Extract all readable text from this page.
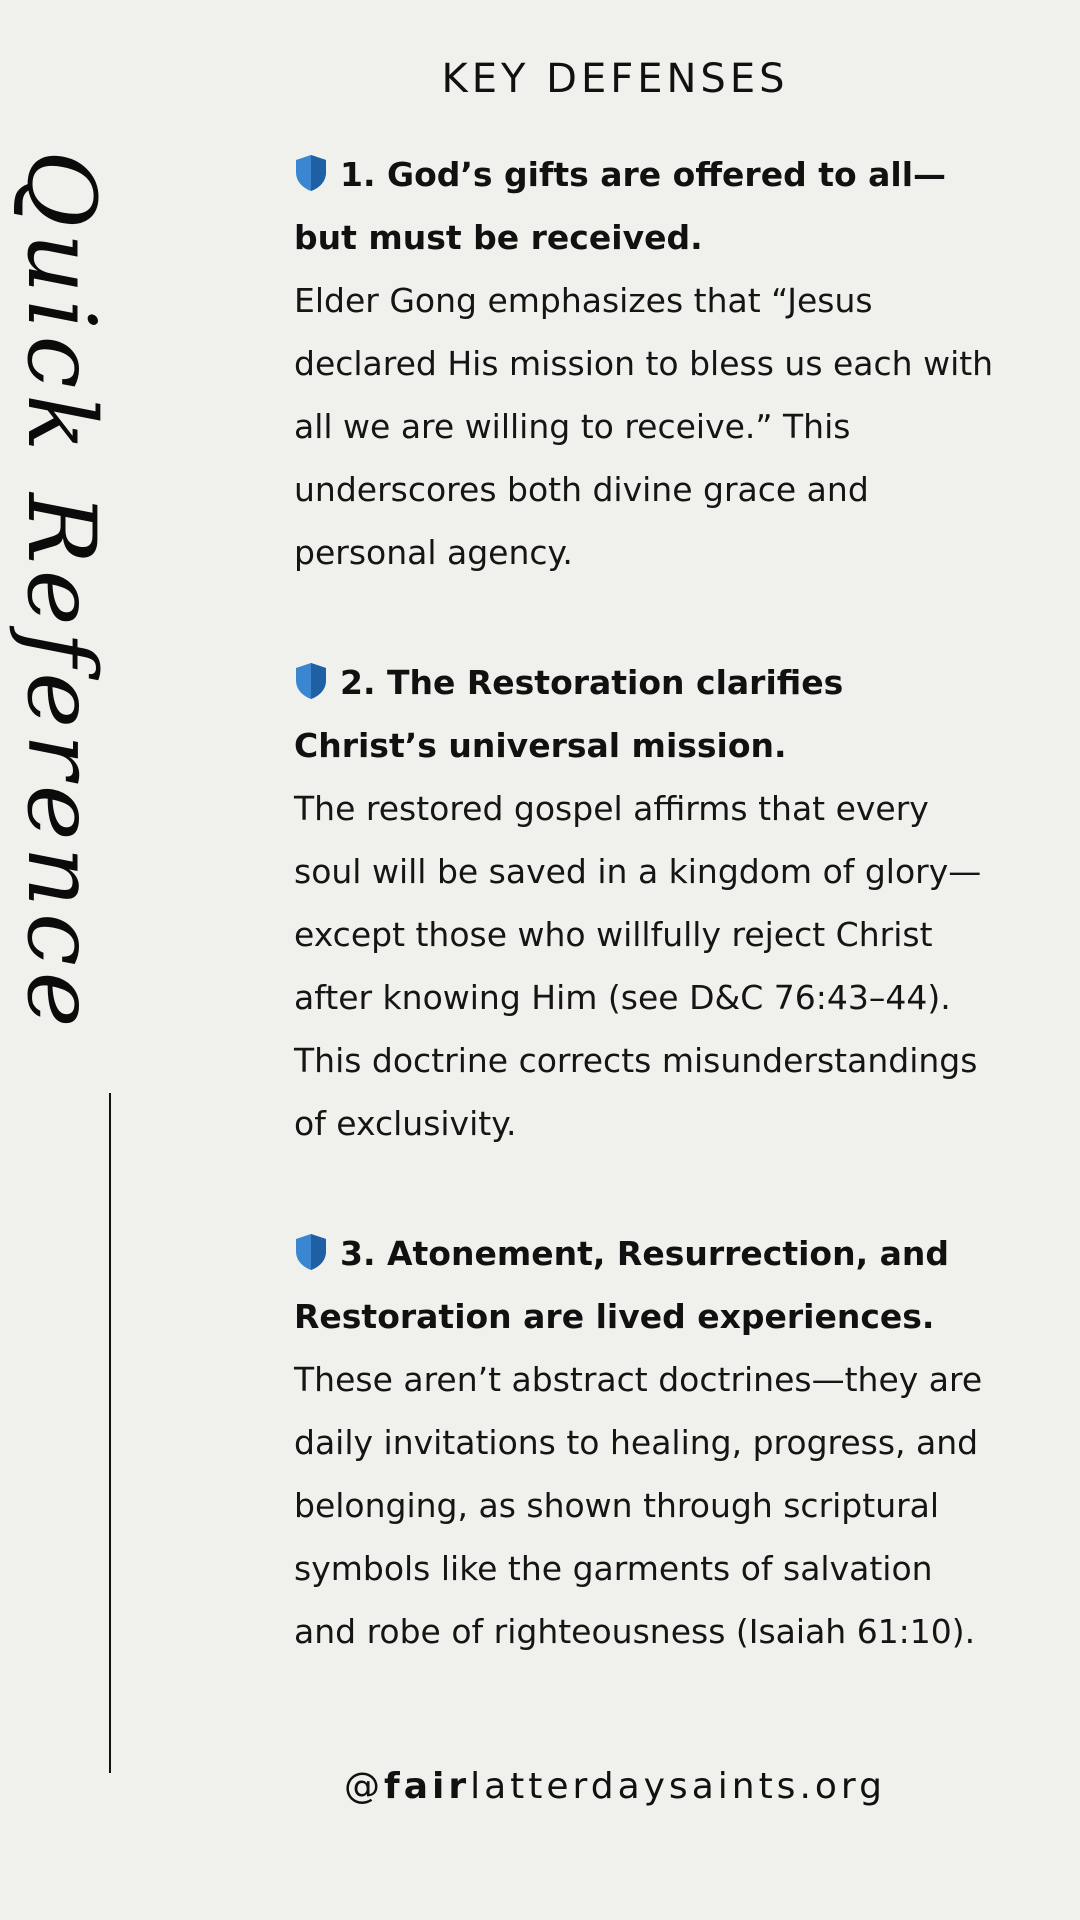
Quick Reference
KEY DEFENSES
1. God’s gifts are offered to all—but must be received.
Elder Gong emphasizes that “Jesus declared His mission to bless us each with all we are willing to receive.” This underscores both divine grace and personal agency.
2. The Restoration clarifies Christ’s universal mission.
The restored gospel affirms that every soul will be saved in a kingdom of glory—except those who willfully reject Christ after knowing Him (see D&C 76:43–44). This doctrine corrects misunderstandings of exclusivity.
3. Atonement, Resurrection, and Restoration are lived experiences.
These aren’t abstract doctrines—they are daily invitations to healing, progress, and belonging, as shown through scriptural symbols like the garments of salvation and robe of righteousness (Isaiah 61:10).
@fairlatterdaysaints.org
